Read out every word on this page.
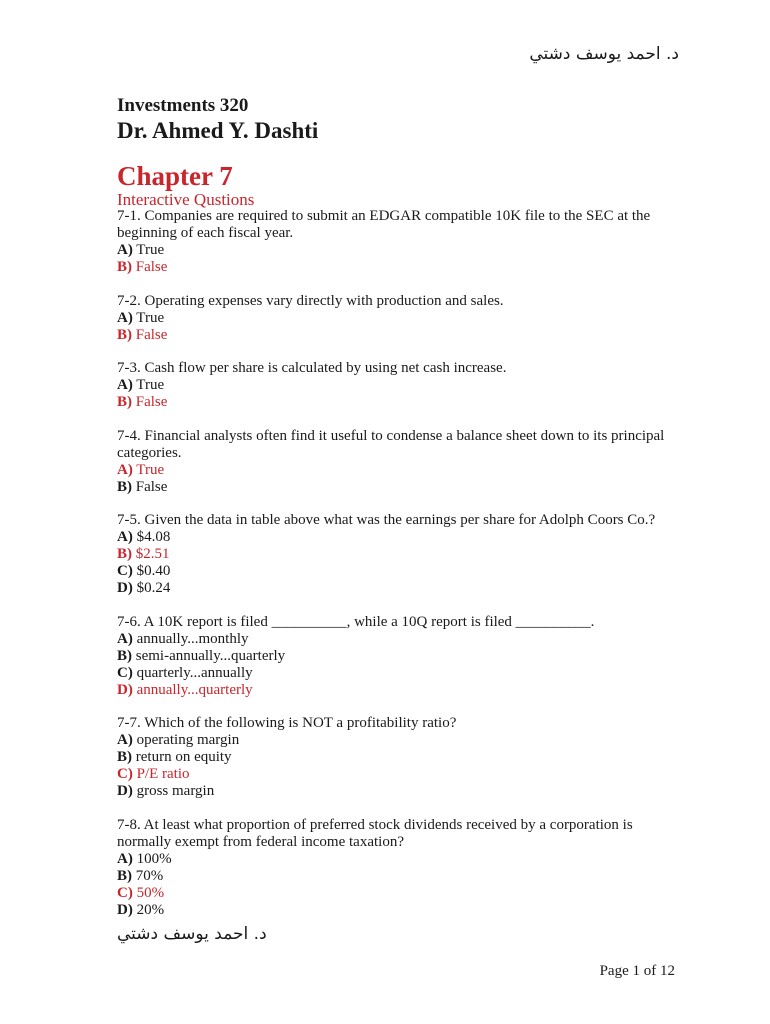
د. احمد يوسف دشتي
Investments 320
Dr. Ahmed Y. Dashti
Chapter 7
Interactive Qustions
7-1. Companies are required to submit an EDGAR compatible 10K file to the SEC at the beginning of each fiscal year.
A) True
B) False
7-2. Operating expenses vary directly with production and sales.
A) True
B) False
7-3. Cash flow per share is calculated by using net cash increase.
A) True
B) False
7-4. Financial analysts often find it useful to condense a balance sheet down to its principal categories.
A) True
B) False
7-5. Given the data in table above what was the earnings per share for Adolph Coors Co.?
A) $4.08
B) $2.51
C) $0.40
D) $0.24
7-6. A 10K report is filed __________, while a 10Q report is filed __________.
A) annually...monthly
B) semi-annually...quarterly
C) quarterly...annually
D) annually...quarterly
7-7. Which of the following is NOT a profitability ratio?
A) operating margin
B) return on equity
C) P/E ratio
D) gross margin
7-8. At least what proportion of preferred stock dividends received by a corporation is normally exempt from federal income taxation?
A) 100%
B) 70%
C) 50%
D) 20%
د. احمد يوسف دشتي
Page 1 of 12
